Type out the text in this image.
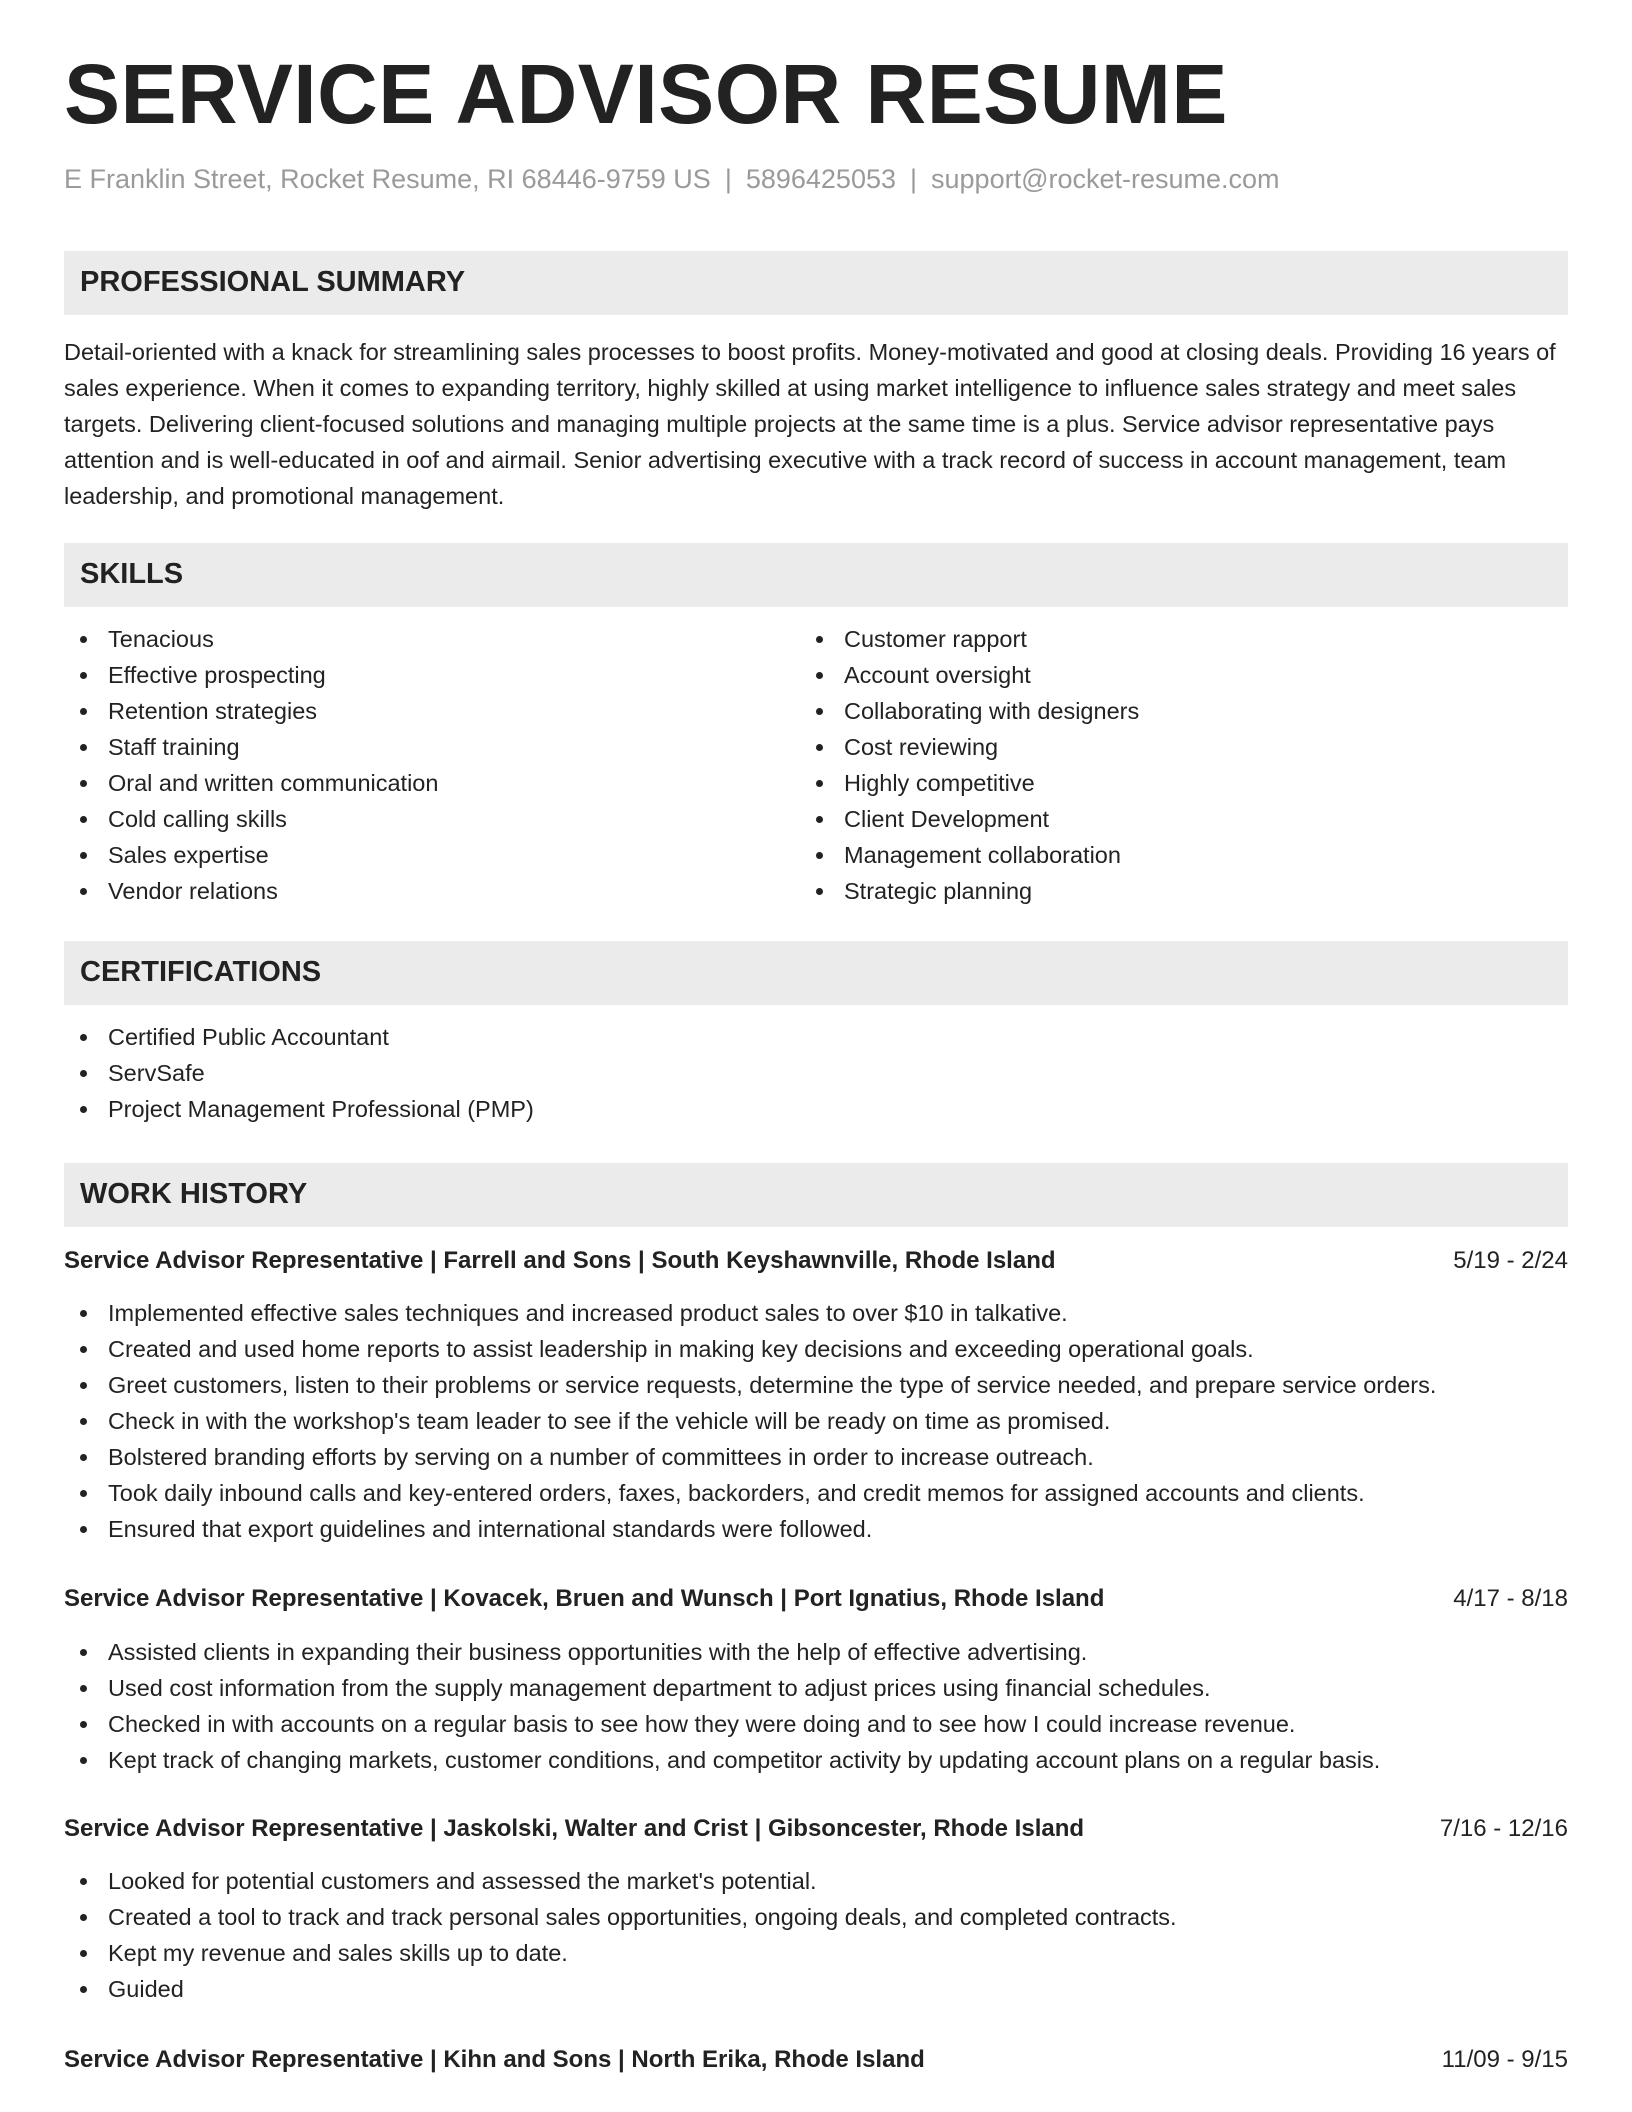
SERVICE ADVISOR RESUME
E Franklin Street, Rocket Resume, RI 68446-9759 US | 5896425053 | support@rocket-resume.com
PROFESSIONAL SUMMARY
Detail-oriented with a knack for streamlining sales processes to boost profits. Money-motivated and good at closing deals. Providing 16 years of sales experience. When it comes to expanding territory, highly skilled at using market intelligence to influence sales strategy and meet sales targets. Delivering client-focused solutions and managing multiple projects at the same time is a plus. Service advisor representative pays attention and is well-educated in oof and airmail. Senior advertising executive with a track record of success in account management, team leadership, and promotional management.
SKILLS
Tenacious
Effective prospecting
Retention strategies
Staff training
Oral and written communication
Cold calling skills
Sales expertise
Vendor relations
Customer rapport
Account oversight
Collaborating with designers
Cost reviewing
Highly competitive
Client Development
Management collaboration
Strategic planning
CERTIFICATIONS
Certified Public Accountant
ServSafe
Project Management Professional (PMP)
WORK HISTORY
Service Advisor Representative | Farrell and Sons | South Keyshawnville, Rhode Island	5/19 - 2/24
Implemented effective sales techniques and increased product sales to over $10 in talkative.
Created and used home reports to assist leadership in making key decisions and exceeding operational goals.
Greet customers, listen to their problems or service requests, determine the type of service needed, and prepare service orders.
Check in with the workshop's team leader to see if the vehicle will be ready on time as promised.
Bolstered branding efforts by serving on a number of committees in order to increase outreach.
Took daily inbound calls and key-entered orders, faxes, backorders, and credit memos for assigned accounts and clients.
Ensured that export guidelines and international standards were followed.
Service Advisor Representative | Kovacek, Bruen and Wunsch | Port Ignatius, Rhode Island	4/17 - 8/18
Assisted clients in expanding their business opportunities with the help of effective advertising.
Used cost information from the supply management department to adjust prices using financial schedules.
Checked in with accounts on a regular basis to see how they were doing and to see how I could increase revenue.
Kept track of changing markets, customer conditions, and competitor activity by updating account plans on a regular basis.
Service Advisor Representative | Jaskolski, Walter and Crist | Gibsoncester, Rhode Island	7/16 - 12/16
Looked for potential customers and assessed the market's potential.
Created a tool to track and track personal sales opportunities, ongoing deals, and completed contracts.
Kept my revenue and sales skills up to date.
Guided
Service Advisor Representative | Kihn and Sons | North Erika, Rhode Island	11/09 - 9/15
